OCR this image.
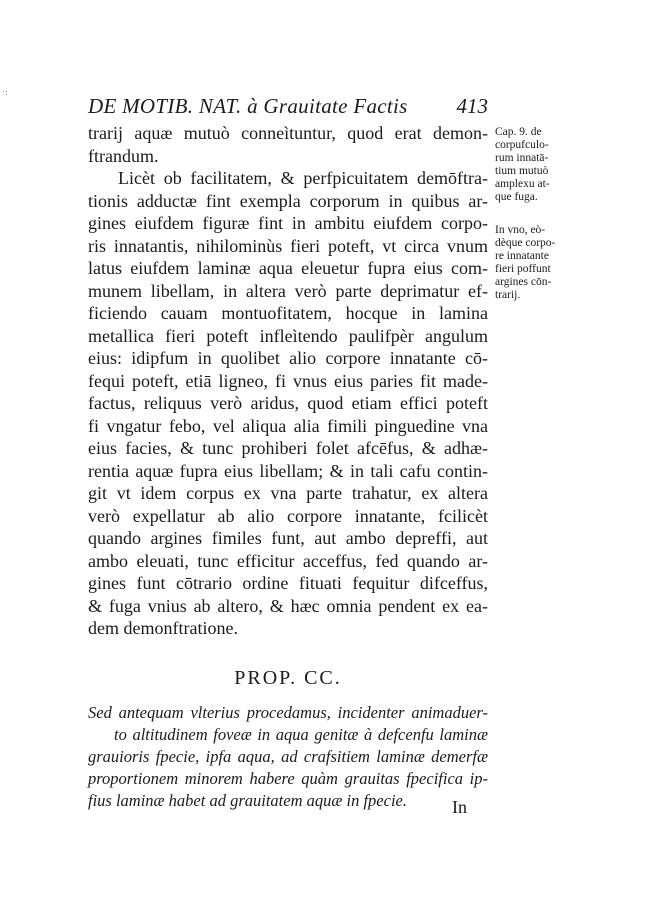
·:
DE MOTIB. NAT. à Grauitate Factis 413
trarij aquæ mutuò conneìtuntur, quod erat demon-
ftrandum.
Licèt ob facilitatem, & perfpicuitatem demōftra-
tionis adductæ fint exempla corporum in quibus ar-
gines eiufdem figuræ fint in ambitu eiufdem corpo-
ris innatantis, nihilominùs fieri poteft, vt circa vnum
latus eiufdem laminæ aqua eleuetur fupra eius com-
munem libellam, in altera verò parte deprimatur ef-
ficiendo cauam montuofitatem, hocque in lamina
metallica fieri poteft infleìtendo paulifpèr angulum
eius: idipfum in quolibet alio corpore innatante cō-
fequi poteft, etiā ligneo, fi vnus eius paries fit made-
factus, reliquus verò aridus, quod etiam effici poteft
fi vngatur febo, vel aliqua alia fimili pinguedine vna
eius facies, & tunc prohiberi folet afcēfus, & adhæ-
rentia aquæ fupra eius libellam; & in tali cafu contin-
git vt idem corpus ex vna parte trahatur, ex altera
verò expellatur ab alio corpore innatante, fcilicèt
quando argines fimiles funt, aut ambo depreffi, aut
ambo eleuati, tunc efficitur acceffus, fed quando ar-
gines funt cōtrario ordine fituati fequitur difceffus,
& fuga vnius ab altero, & hæc omnia pendent ex ea-
dem demonftratione.
PROP. CC.
Sed antequam vlterius procedamus, incidenter animaduer-
to altitudinem foveæ in aqua genitæ à defcenfu laminæ
grauioris fpecie, ipfa aqua, ad crafsitiem laminæ demerfæ
proportionem minorem habere quàm grauitas fpecifica ip-
fius laminæ habet ad grauitatem aquæ in fpecie.	In
Cap. 9. de
corpufculo-
rum innatā-
tium mutuò
amplexu at-
que fuga.
In vno, eò-
dèque corpo-
re innatante
fieri poffunt
argines cōn-
trarij.
